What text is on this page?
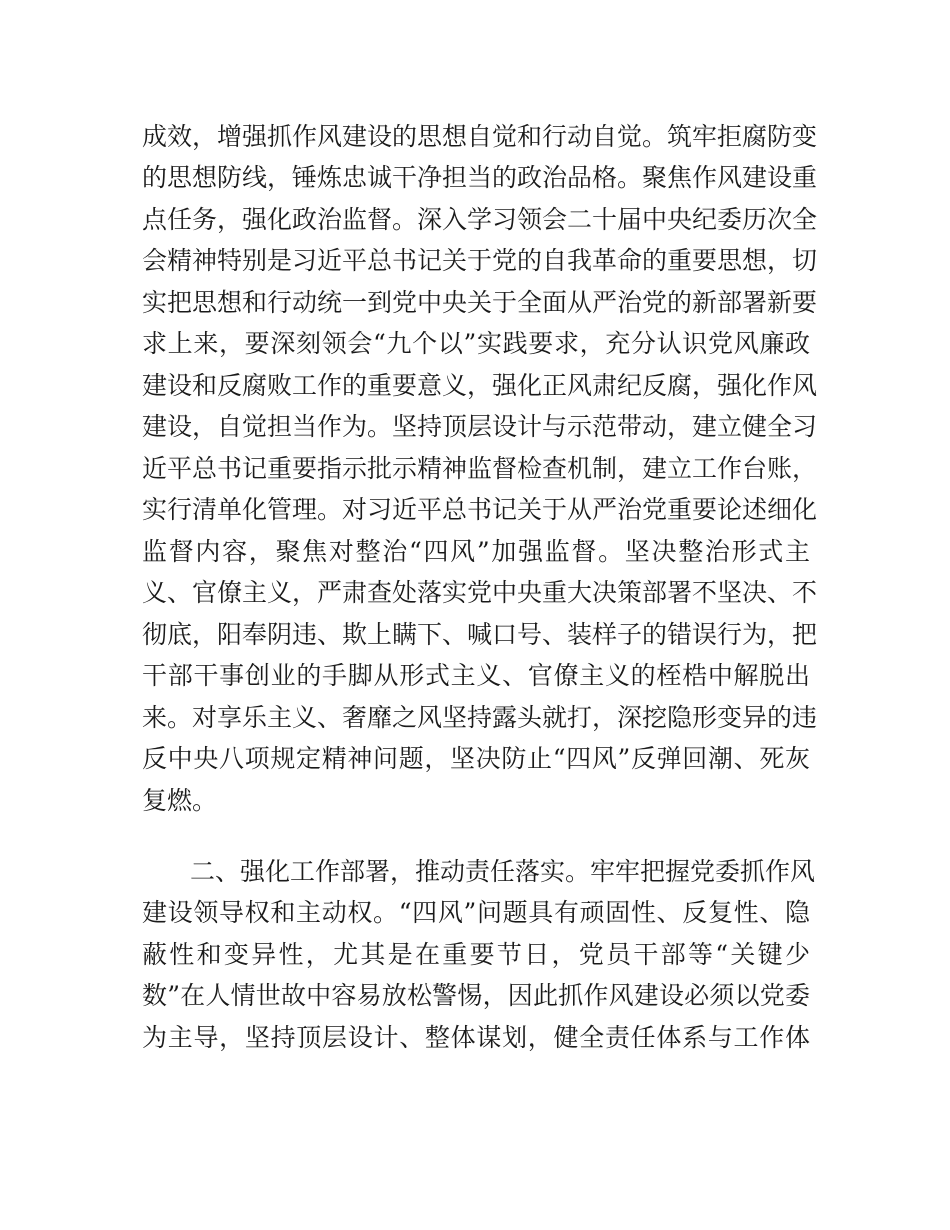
成效，增强抓作风建设的思想自觉和行动自觉。筑牢拒腐防变
的思想防线，锤炼忠诚干净担当的政治品格。聚焦作风建设重
点任务，强化政治监督。深入学习领会二十届中央纪委历次全
会精神特别是习近平总书记关于党的自我革命的重要思想，切
实把思想和行动统一到党中央关于全面从严治党的新部署新要
求上来，要深刻领会“九个以”实践要求，充分认识党风廉政
建设和反腐败工作的重要意义，强化正风肃纪反腐，强化作风
建设，自觉担当作为。坚持顶层设计与示范带动，建立健全习
近平总书记重要指示批示精神监督检查机制，建立工作台账，
实行清单化管理。对习近平总书记关于从严治党重要论述细化
监督内容，聚焦对整治“四风”加强监督。坚决整治形式主
义、官僚主义，严肃查处落实党中央重大决策部署不坚决、不
彻底，阳奉阴违、欺上瞒下、喊口号、装样子的错误行为，把
干部干事创业的手脚从形式主义、官僚主义的桎梏中解脱出
来。对享乐主义、奢靡之风坚持露头就打，深挖隐形变异的违
反中央八项规定精神问题，坚决防止“四风”反弹回潮、死灰
复燃。
二、强化工作部署，推动责任落实。牢牢把握党委抓作风
建设领导权和主动权。“四风”问题具有顽固性、反复性、隐
蔽性和变异性，尤其是在重要节日，党员干部等“关键少
数”在人情世故中容易放松警惕，因此抓作风建设必须以党委
为主导，坚持顶层设计、整体谋划，健全责任体系与工作体
